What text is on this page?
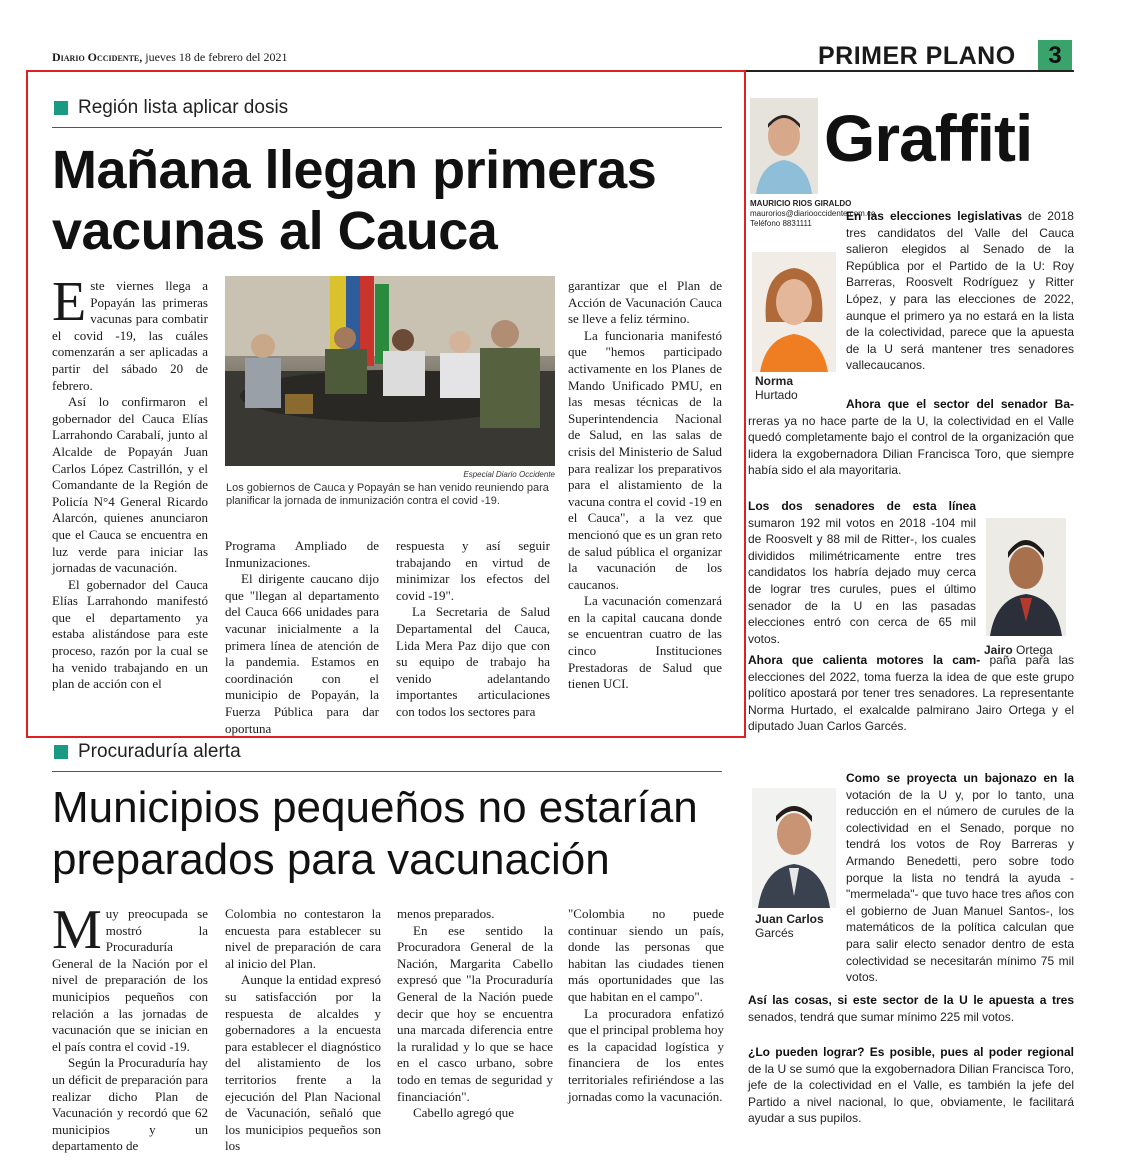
Diario Occidente, jueves 18 de febrero del 2021	PRIMER PLANO	3
Región lista aplicar dosis
Mañana llegan primeras
vacunas al Cauca

Este viernes llega a Popayán las primeras vacunas para combatir el covid -19, las cuáles comenzarán a ser aplicadas a partir del sábado 20 de febrero.

Así lo confirmaron el gobernador del Cauca Elías Larrahondo Carabalí, junto al Alcalde de Popayán Juan Carlos López Castrillón, y el Comandante de la Región de Policía N°4 General Ricardo Alarcón, quienes anunciaron que el Cauca se encuentra en luz verde para iniciar las jornadas de vacunación.

El gobernador del Cauca Elías Larrahondo manifestó que el departamento ya estaba alistándose para este proceso, razón por la cual se ha venido trabajando en un plan de acción con el

Especial Diario Occidente
Los gobiernos de Cauca y Popayán se han venido reuniendo para planificar la jornada de inmunización contra el covid -19.

Programa Ampliado de Inmunizaciones.

El dirigente caucano dijo que "llegan al departamento del Cauca 666 unidades para vacunar inicialmente a la primera línea de atención de la pandemia. Estamos en coordinación con el municipio de Popayán, la Fuerza Pública para dar oportuna

respuesta y así seguir trabajando en virtud de minimizar los efectos del covid -19".

La Secretaria de Salud Departamental del Cauca, Lida Mera Paz dijo que con su equipo de trabajo ha venido adelantando importantes articulaciones con todos los sectores para

garantizar que el Plan de Acción de Vacunación Cauca se lleve a feliz término.

La funcionaria manifestó que "hemos participado activamente en los Planes de Mando Unificado PMU, en las mesas técnicas de la Superintendencia Nacional de Salud, en las salas de crisis del Ministerio de Salud para realizar los preparativos para el alistamiento de la vacuna contra el covid -19 en el Cauca", a la vez que mencionó que es un gran reto de salud pública el organizar la vacunación de los caucanos.

La vacunación comenzará en la capital caucana donde se encuentran cuatro de las cinco Instituciones Prestadoras de Salud que tienen UCI.

Procuraduría alerta
Municipios pequeños no estarían
preparados para vacunación

Muy preocupada se mostró la Procuraduría General de la Nación por el nivel de preparación de los municipios pequeños con relación a las jornadas de vacunación que se inician en el país contra el covid -19.

Según la Procuraduría hay un déficit de preparación para realizar dicho Plan de Vacunación y recordó que 62 municipios y un departamento de

Colombia no contestaron la encuesta para establecer su nivel de preparación de cara al inicio del Plan.

Aunque la entidad expresó su satisfacción por la respuesta de alcaldes y gobernadores a la encuesta para establecer el diagnóstico del alistamiento de los territorios frente a la ejecución del Plan Nacional de Vacunación, señaló que los municipios pequeños son los

menos preparados.

En ese sentido la Procuradora General de la Nación, Margarita Cabello expresó que "la Procuraduría General de la Nación puede decir que hoy se encuentra una marcada diferencia entre la ruralidad y lo que se hace en el casco urbano, sobre todo en temas de seguridad y financiación".

Cabello agregó que

"Colombia no puede continuar siendo un país, donde las personas que habitan las ciudades tienen más oportunidades que las que habitan en el campo".

La procuradora enfatizó que el principal problema hoy es la capacidad logística y financiera de los entes territoriales refiriéndose a las jornadas como la vacunación.

Graffiti
MAURICIO RIOS GIRALDO
maurorios@diariooccidente.com.co
Teléfono 8831111
En las elecciones legislativas de 2018 tres candidatos del Valle del Cauca salieron elegidos al Senado de la República por el Partido de la U: Roy Barreras, Roosvelt Rodríguez y Ritter López, y para las elecciones de 2022, aunque el primero ya no estará en la lista de la colectividad, parece que la apuesta de la U será mantener tres senadores vallecaucanos.
Norma
Hurtado
Ahora que el sector del senador Ba- rreras ya no hace parte de la U, la colectividad en el Valle quedó completamente bajo el control de la organización que lidera la exgobernadora Dilian Francisca Toro, que siempre había sido el ala mayoritaria.
Los dos senadores de esta línea sumaron 192 mil votos en 2018 -104 mil de Roosvelt y 88 mil de Ritter-, los cuales divididos milimétricamente entre tres candidatos los habría dejado muy cerca de lograr tres curules, pues el último senador de la U en las pasadas elecciones entró con cerca de 65 mil votos.
Jairo Ortega
Ahora que calienta motores la cam- paña para las elecciones del 2022, toma fuerza la idea de que este grupo político apostará por tener tres senadores. La representante Norma Hurtado, el exalcalde palmirano Jairo Ortega y el diputado Juan Carlos Garcés.
Juan Carlos
Garcés
Como se proyecta un bajonazo en la votación de la U y, por lo tanto, una reducción en el número de curules de la colectividad en el Senado, porque no tendrá los votos de Roy Barreras y Armando Benedetti, pero sobre todo porque la lista no tendrá la ayuda -"mermelada"- que tuvo hace tres años con el gobierno de Juan Manuel Santos-, los matemáticos de la política calculan que para salir electo senador dentro de esta colectividad se necesitarán mínimo 75 mil votos.
Así las cosas, si este sector de la U le apuesta a tres senados, tendrá que sumar mínimo 225 mil votos.
¿Lo pueden lograr? Es posible, pues al poder regional de la U se sumó que la exgobernadora Dilian Francisca Toro, jefe de la colectividad en el Valle, es también la jefe del Partido a nivel nacional, lo que, obviamente, le facilitará ayudar a sus pupilos.
